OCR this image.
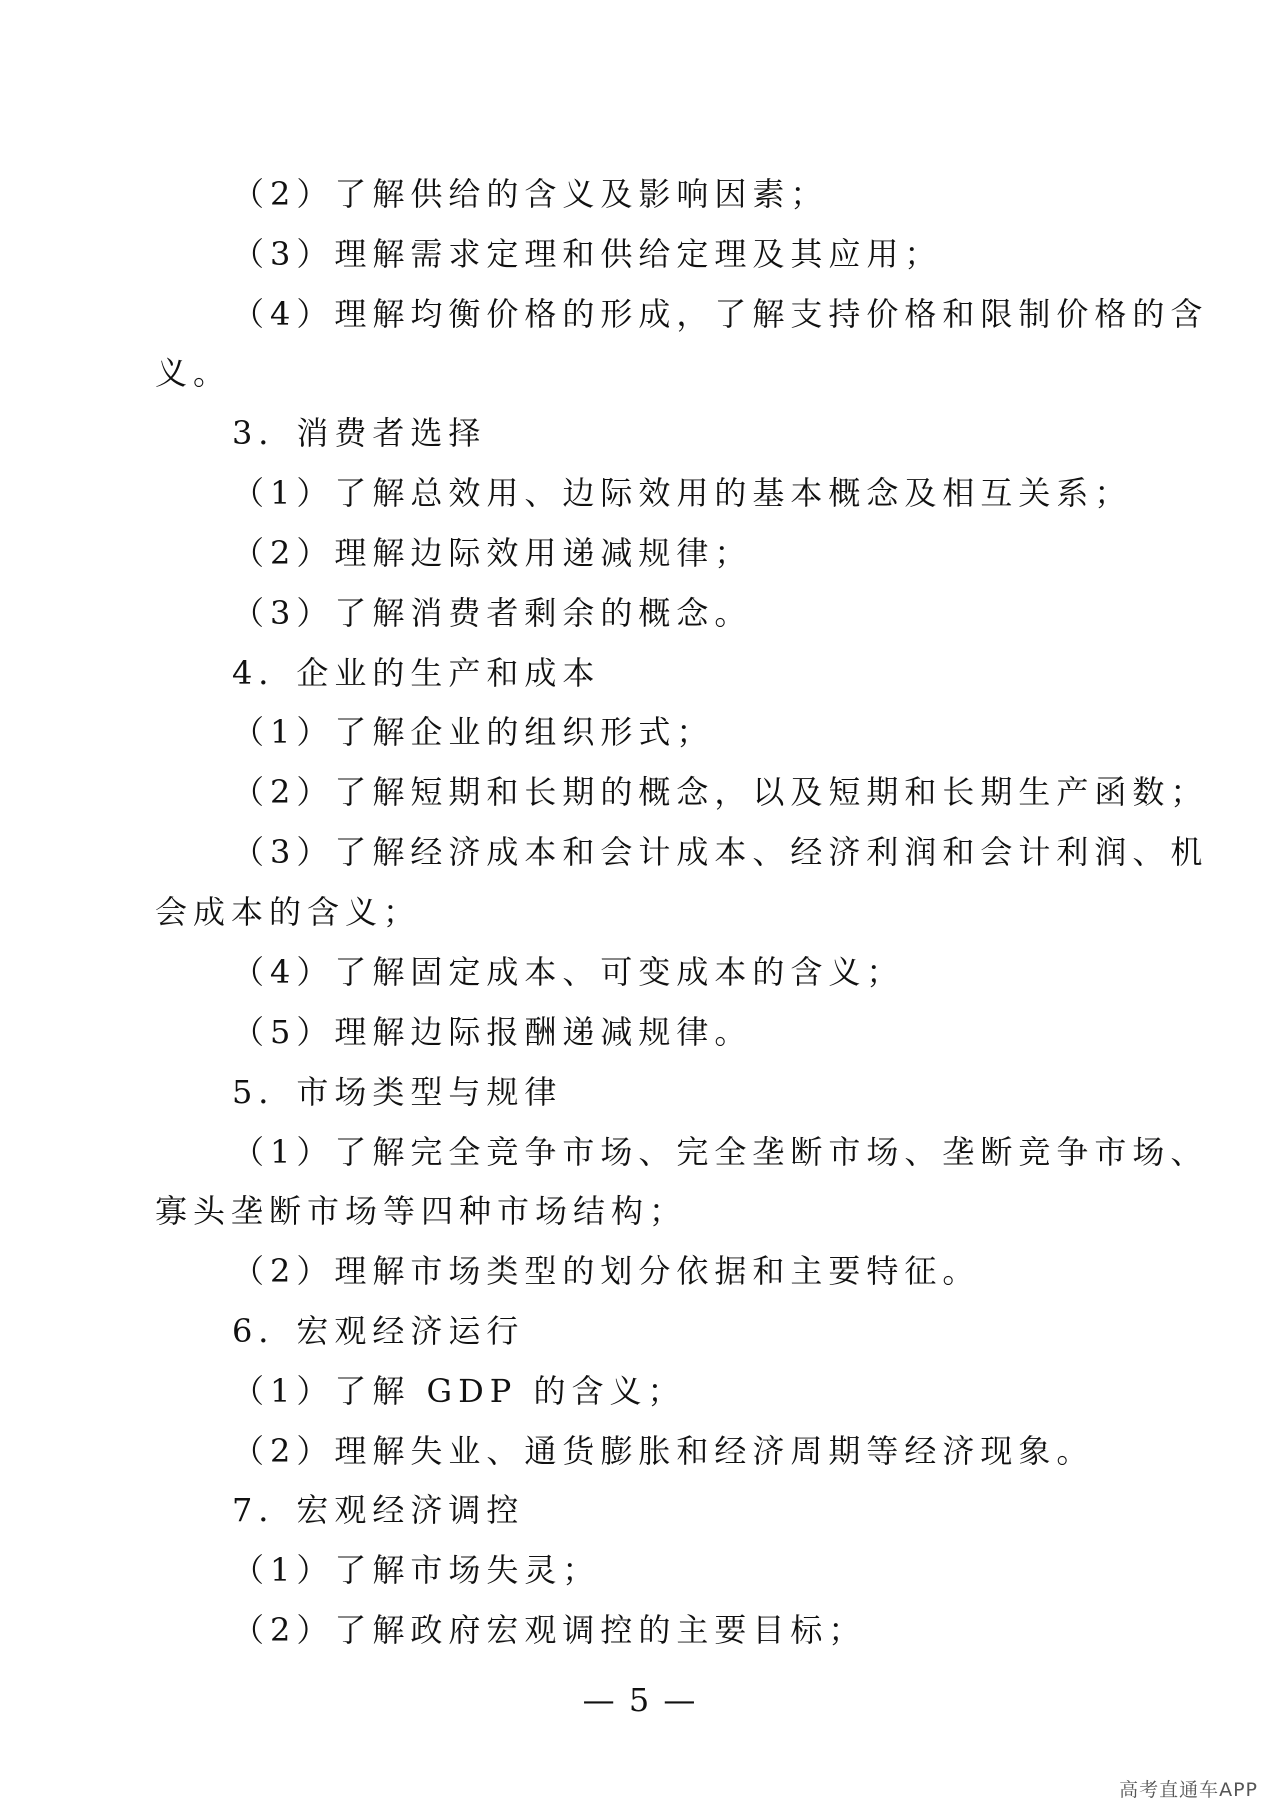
（2）了解供给的含义及影响因素；
（3）理解需求定理和供给定理及其应用；
（4）理解均衡价格的形成，了解支持价格和限制价格的含
义。
3．消费者选择
（1）了解总效用、边际效用的基本概念及相互关系；
（2）理解边际效用递减规律；
（3）了解消费者剩余的概念。
4．企业的生产和成本
（1）了解企业的组织形式；
（2）了解短期和长期的概念，以及短期和长期生产函数；
（3）了解经济成本和会计成本、经济利润和会计利润、机
会成本的含义；
（4）了解固定成本、可变成本的含义；
（5）理解边际报酬递减规律。
5．市场类型与规律
（1）了解完全竞争市场、完全垄断市场、垄断竞争市场、
寡头垄断市场等四种市场结构；
（2）理解市场类型的划分依据和主要特征。
6．宏观经济运行
（1）了解 GDP 的含义；
（2）理解失业、通货膨胀和经济周期等经济现象。
7．宏观经济调控
（1）了解市场失灵；
（2）了解政府宏观调控的主要目标；
— 5 —
高考直通车APP
